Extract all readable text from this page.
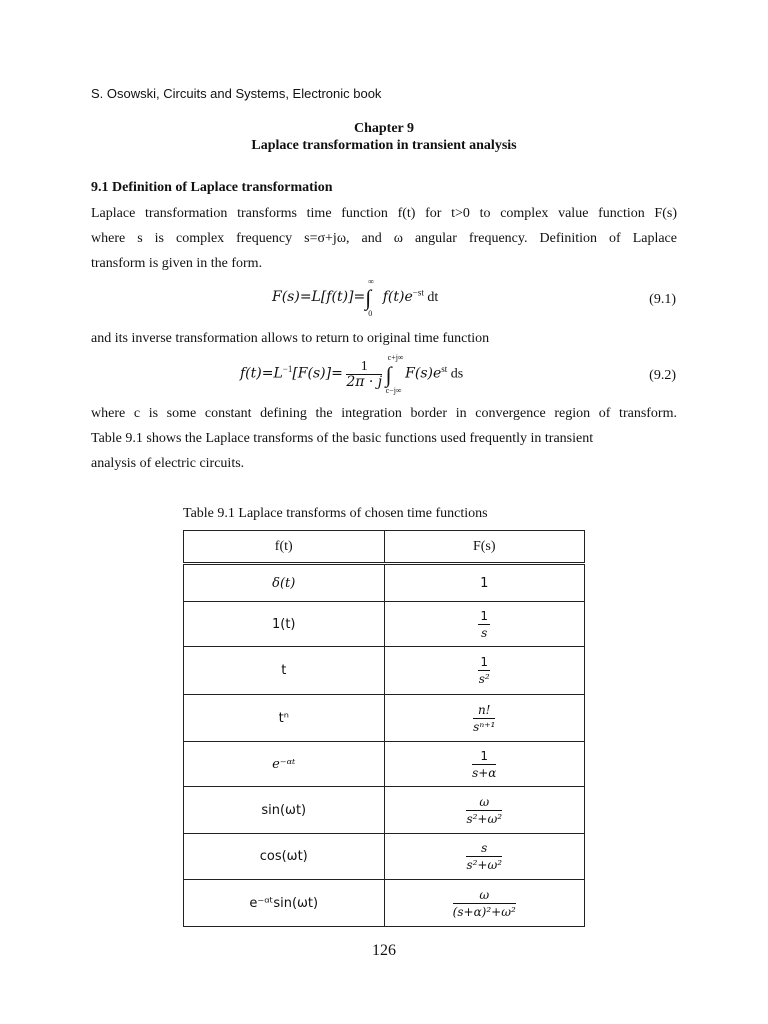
S. Osowski, Circuits and Systems, Electronic book
Chapter 9
Laplace transformation in transient analysis
9.1 Definition of Laplace transformation
Laplace transformation transforms time function f(t) for t>0 to complex value function F(s)
where s is complex frequency s=σ+jω, and ω angular frequency. Definition of Laplace
transform is given in the form.
F(s)=L[f(t)]=∫
∞
0
$f(t)e^{-st}$ dt	(9.1)
and its inverse transformation allows to return to original time function
$f(t)=L^{-1}[F(s)]= \frac{1}{2\pi \cdot j}$ ∫
c+j∞
c−j∞
$F(s)e^{st}$ ds	(9.2)
where c is some constant defining the integration border in convergence region of transform.
Table 9.1 shows the Laplace transforms of the basic functions used frequently in transient
analysis of electric circuits.
Table 9.1 Laplace transforms of chosen time functions
f(t)	F(s)
δ(t)	1
1(t)	$\frac{1}{s}$

t	$\frac{1}{\text{s²}}$

tⁿ	$\frac{n!}{\text{sⁿ⁺¹}}$

e⁻ᵅᵗ	$\frac{1}{s+\alpha}$

sin(ωt)	$\frac{\omega}{\text{s²+ω²}}$

cos(ωt)	$\frac{s}{\text{s²+ω²}}$

e⁻ᵅᵗsin(ωt)	$\frac{\omega}{\text{(s+α)²+ω²}}$
126
